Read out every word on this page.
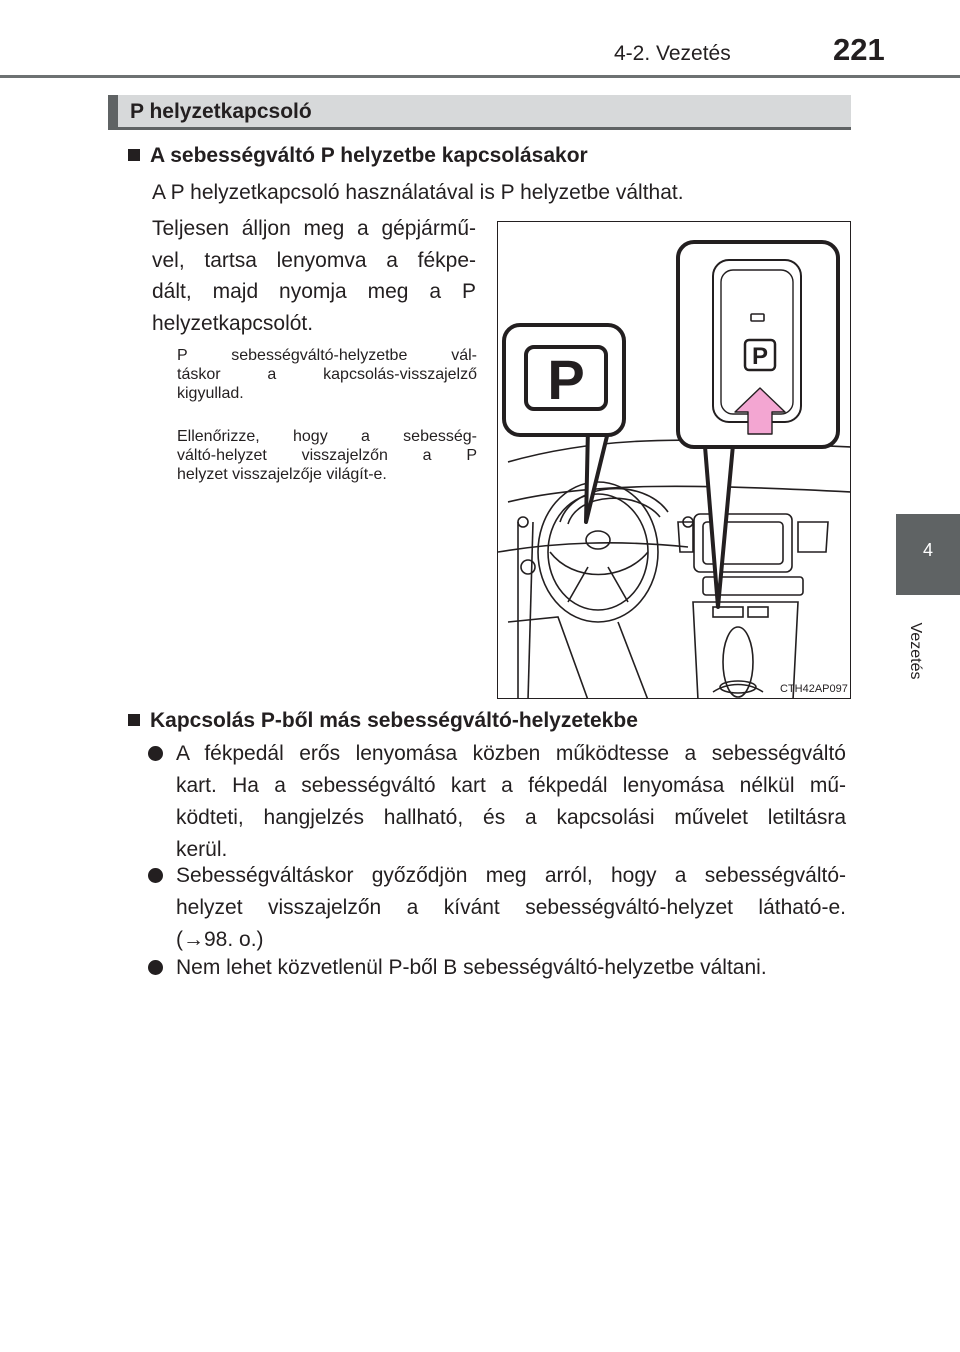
4-2. Vezetés	221
4
Vezetés
P helyzetkapcsoló
A sebességváltó P helyzetbe kapcsolásakor
A P helyzetkapcsoló használatával is P helyzetbe válthat.
Teljesen álljon meg a gépjármű-
vel, tartsa lenyomva a fékpe-
dált, majd nyomja meg a P
helyzetkapcsolót.
P sebességváltó-helyzetbe vál-
táskor a kapcsolás-visszajelző
kigyullad.
Ellenőrizze, hogy a sebesség-
váltó-helyzet visszajelzőn a P
helyzet visszajelzője világít-e.
P	P
CTH42AP097
Kapcsolás P-ből más sebességváltó-helyzetekbe
A fékpedál erős lenyomása közben működtesse a sebességváltó
kart. Ha a sebességváltó kart a fékpedál lenyomása nélkül mű-
ködteti, hangjelzés hallható, és a kapcsolási művelet letiltásra
kerül.
Sebességváltáskor győződjön meg arról, hogy a sebességváltó-
helyzet visszajelzőn a kívánt sebességváltó-helyzet látható-e.
(→98. o.)
Nem lehet közvetlenül P-ből B sebességváltó-helyzetbe váltani.
